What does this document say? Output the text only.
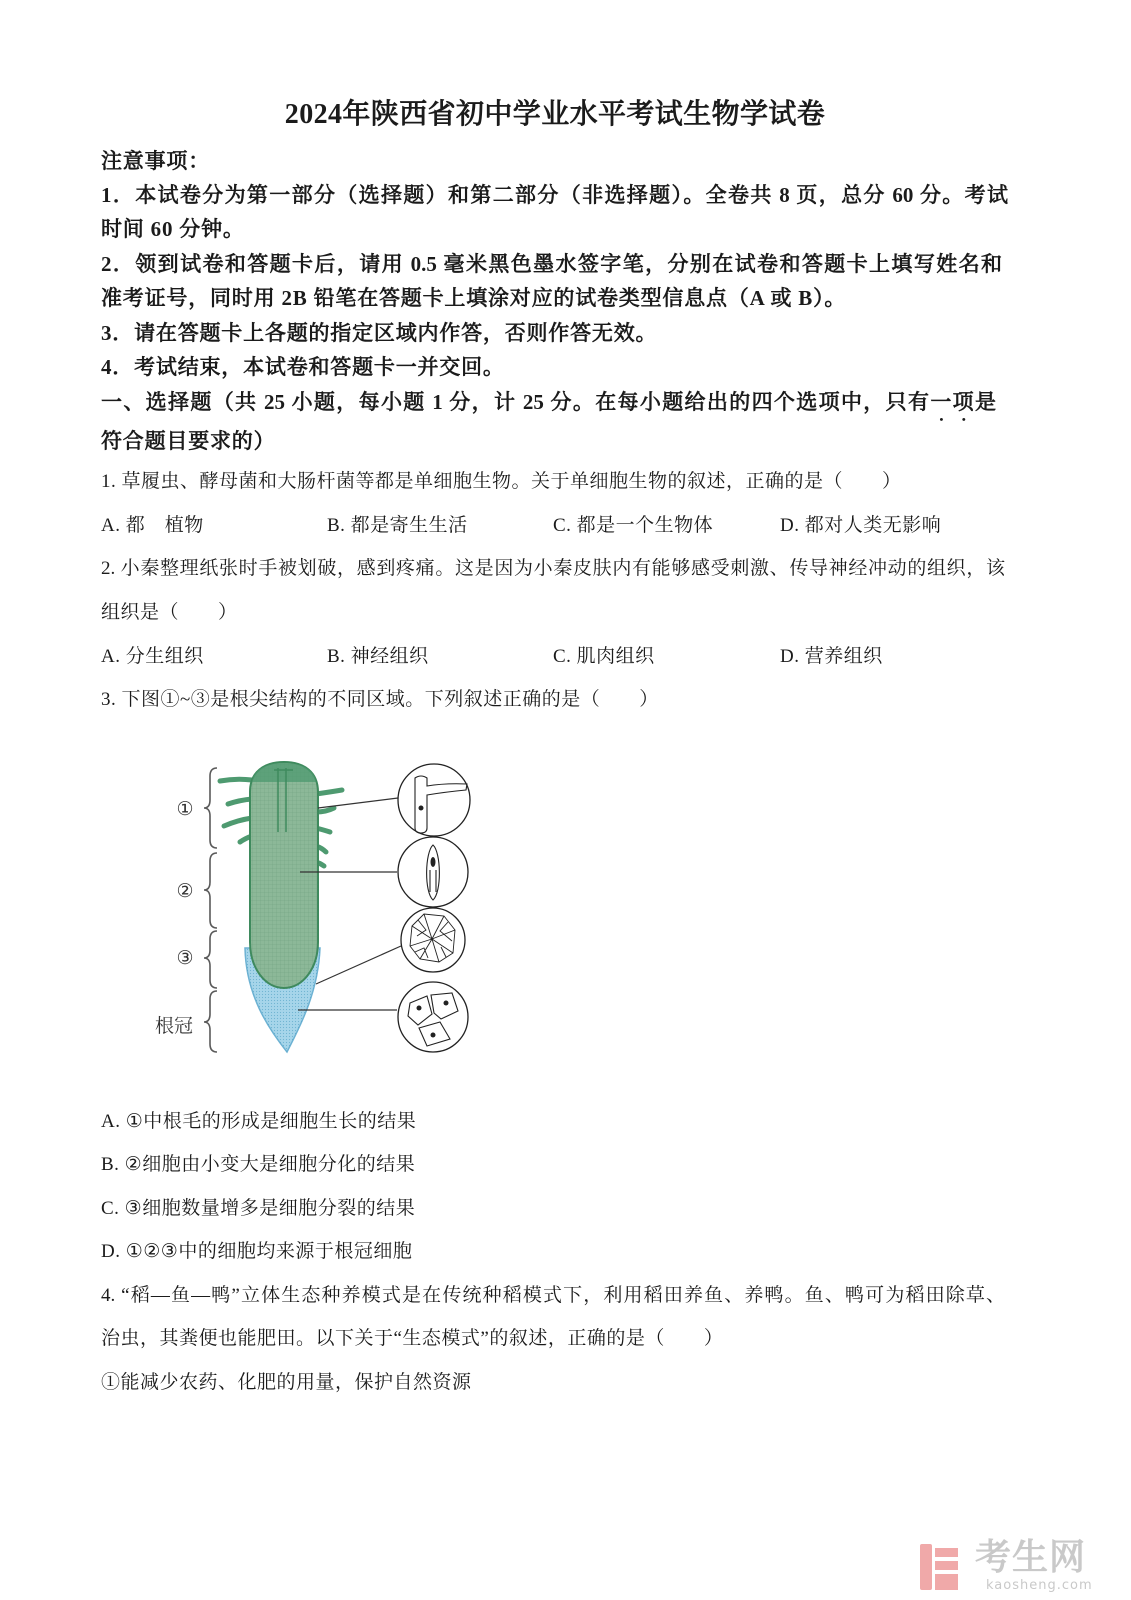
2024年陕西省初中学业水平考试生物学试卷
注意事项：
1．本试卷分为第一部分（选择题）和第二部分（非选择题）。全卷共 8 页，总分 60 分。考试
时间 60 分钟。
2．领到试卷和答题卡后，请用 0.5 毫米黑色墨水签字笔，分别在试卷和答题卡上填写姓名和
准考证号，同时用 2B 铅笔在答题卡上填涂对应的试卷类型信息点（A 或 B）。
3．请在答题卡上各题的指定区域内作答，否则作答无效。
4．考试结束，本试卷和答题卡一并交回。
一、选择题（共 25 小题，每小题 1 分，计 25 分。在每小题给出的四个选项中，只有一项是
符合题目要求的）
1. 草履虫、酵母菌和大肠杆菌等都是单细胞生物。关于单细胞生物的叙述，正确的是（　　）
A. 都　植物	B. 都是寄生生活	C. 都是一个生物体	D. 都对人类无影响
2. 小秦整理纸张时手被划破，感到疼痛。这是因为小秦皮肤内有能够感受刺激、传导神经冲动的组织，该
组织是（　　）
A. 分生组织	B. 神经组织	C. 肌肉组织	D. 营养组织
3. 下图①~③是根尖结构的不同区域。下列叙述正确的是（　　）
①
②
③
根冠
A. ①中根毛的形成是细胞生长的结果
B. ②细胞由小变大是细胞分化的结果
C. ③细胞数量增多是细胞分裂的结果
D. ①②③中的细胞均来源于根冠细胞
4. “稻—鱼—鸭”立体生态种养模式是在传统种稻模式下，利用稻田养鱼、养鸭。鱼、鸭可为稻田除草、
治虫，其粪便也能肥田。以下关于“生态模式”的叙述，正确的是（　　）
①能减少农药、化肥的用量，保护自然资源
考生网
kaosheng.com
